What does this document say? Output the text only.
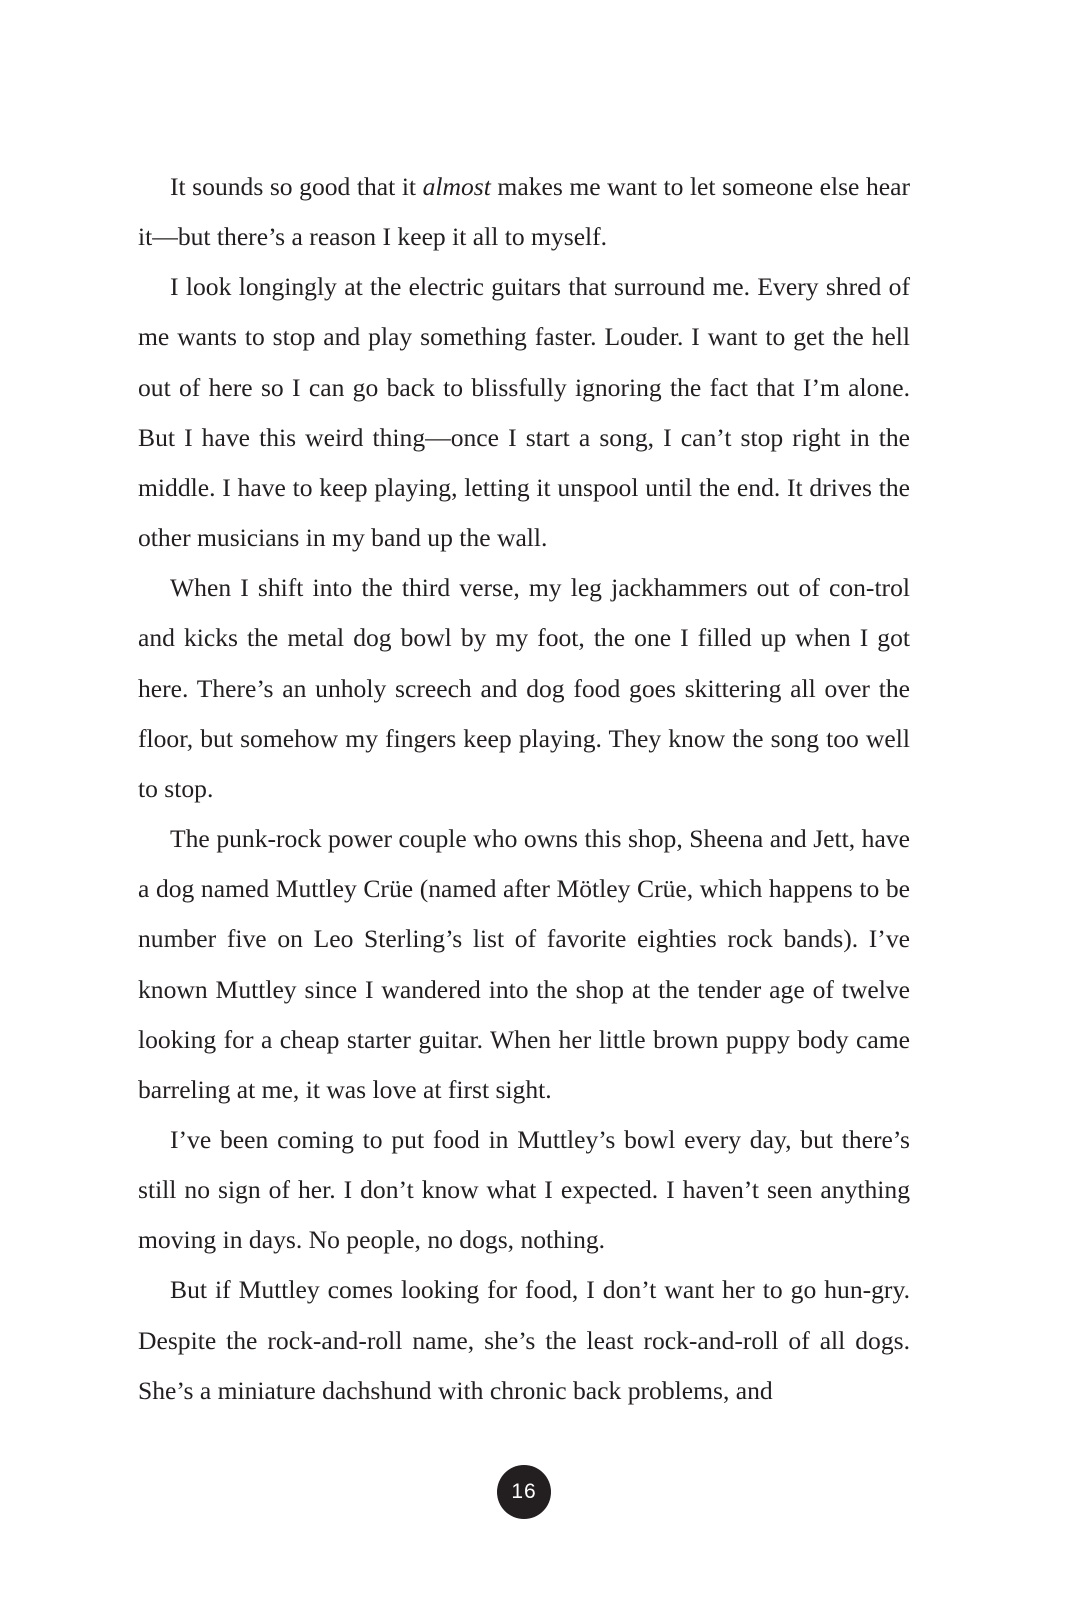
It sounds so good that it almost makes me want to let someone else hear it—but there’s a reason I keep it all to myself.

I look longingly at the electric guitars that surround me. Every shred of me wants to stop and play something faster. Louder. I want to get the hell out of here so I can go back to blissfully ignoring the fact that I’m alone. But I have this weird thing—once I start a song, I can’t stop right in the middle. I have to keep playing, letting it unspool until the end. It drives the other musicians in my band up the wall.

When I shift into the third verse, my leg jackhammers out of con-trol and kicks the metal dog bowl by my foot, the one I filled up when I got here. There’s an unholy screech and dog food goes skittering all over the floor, but somehow my fingers keep playing. They know the song too well to stop.

The punk-rock power couple who owns this shop, Sheena and Jett, have a dog named Muttley Crüe (named after Mötley Crüe, which happens to be number five on Leo Sterling’s list of favorite eighties rock bands). I’ve known Muttley since I wandered into the shop at the tender age of twelve looking for a cheap starter guitar. When her little brown puppy body came barreling at me, it was love at first sight.

I’ve been coming to put food in Muttley’s bowl every day, but there’s still no sign of her. I don’t know what I expected. I haven’t seen anything moving in days. No people, no dogs, nothing.

But if Muttley comes looking for food, I don’t want her to go hun-gry. Despite the rock-and-roll name, she’s the least rock-and-roll of all dogs. She’s a miniature dachshund with chronic back problems, and

16
